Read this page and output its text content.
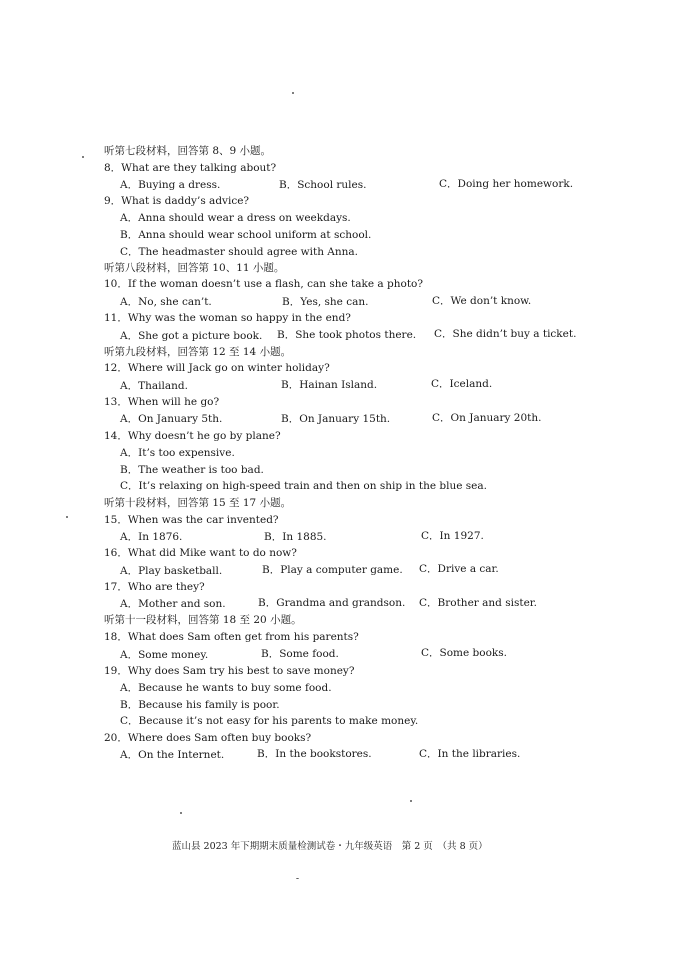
听第七段材料，回答第 8、9 小题。
8．What are they talking about?
A．Buying a dress.	B．School rules.	C．Doing her homework.
9．What is daddy’s advice?
A．Anna should wear a dress on weekdays.
B．Anna should wear school uniform at school.
C．The headmaster should agree with Anna.
听第八段材料，回答第 10、11 小题。
10．If the woman doesn’t use a flash, can she take a photo?
A．No, she can’t.	B．Yes, she can.	C．We don’t know.
11．Why was the woman so happy in the end?
A．She got a picture book. B．She took photos there. C．She didn’t buy a ticket.
听第九段材料，回答第 12 至 14 小题。
12．Where will Jack go on winter holiday?
A．Thailand.	B．Hainan Island.	C．Iceland.
13．When will he go?
A．On January 5th.	B．On January 15th.	C．On January 20th.
14．Why doesn’t he go by plane?
A．It’s too expensive.
B．The weather is too bad.
C．It’s relaxing on high-speed train and then on ship in the blue sea.
听第十段材料，回答第 15 至 17 小题。
15．When was the car invented?
A．In 1876.	B．In 1885.	C．In 1927.
16．What did Mike want to do now?
A．Play basketball.	B．Play a computer game. C．Drive a car.
17．Who are they?
A．Mother and son.	B．Grandma and grandson. C．Brother and sister.
听第十一段材料，回答第 18 至 20 小题。
18．What does Sam often get from his parents?
A．Some money.	B．Some food.	C．Some books.
19．Why does Sam try his best to save money?
A．Because he wants to buy some food.
B．Because his family is poor.
C．Because it’s not easy for his parents to make money.
20．Where does Sam often buy books?
A．On the Internet.	B．In the bookstores.	C．In the libraries.
蓝山县 2023 年下期期末质量检测试卷・九年级英语　第 2 页　（共 8 页）
